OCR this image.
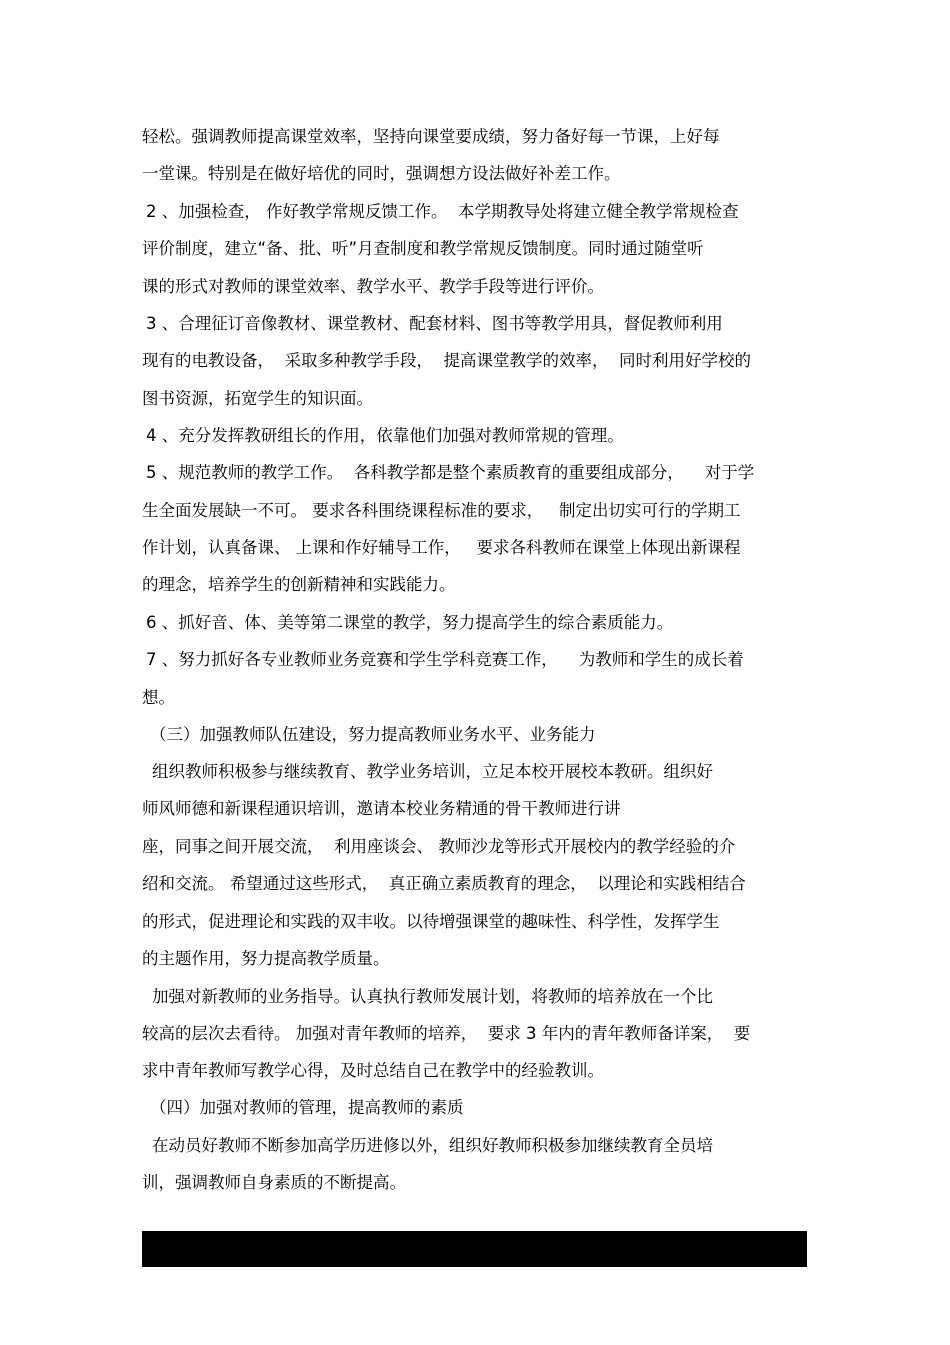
轻松。强调教师提高课堂效率，坚持向课堂要成绩，努力备好每一节课，上好每
一堂课。特别是在做好培优的同时，强调想方设法做好补差工作。
2 、加强检查， 作好教学常规反馈工作。  本学期教导处将建立健全教学常规检查
评价制度，建立“备、批、听”月查制度和教学常规反馈制度。同时通过随堂听
课的形式对教师的课堂效率、教学水平、教学手段等进行评价。
3 、合理征订音像教材、课堂教材、配套材料、图书等教学用具，督促教师利用
现有的电教设备，  采取多种教学手段，  提高课堂教学的效率，  同时利用好学校的
图书资源，拓宽学生的知识面。
4 、充分发挥教研组长的作用，依靠他们加强对教师常规的管理。
5 、规范教师的教学工作。  各科教学都是整个素质教育的重要组成部分，    对于学
生全面发展缺一不可。 要求各科围绕课程标准的要求，   制定出切实可行的学期工
作计划，认真备课、 上课和作好辅导工作，   要求各科教师在课堂上体现出新课程
的理念，培养学生的创新精神和实践能力。
6 、抓好音、体、美等第二课堂的教学，努力提高学生的综合素质能力。
7 、努力抓好各专业教师业务竞赛和学生学科竞赛工作，    为教师和学生的成长着
想。
（三）加强教师队伍建设，努力提高教师业务水平、业务能力
组织教师积极参与继续教育、教学业务培训，立足本校开展校本教研。组织好
师风师德和新课程通识培训，邀请本校业务精通的骨干教师进行讲
座，同事之间开展交流，  利用座谈会、 教师沙龙等形式开展校内的教学经验的介
绍和交流。 希望通过这些形式，  真正确立素质教育的理念，  以理论和实践相结合
的形式，促进理论和实践的双丰收。以待增强课堂的趣味性、科学性，发挥学生
的主题作用，努力提高教学质量。
加强对新教师的业务指导。认真执行教师发展计划，将教师的培养放在一个比
较高的层次去看待。 加强对青年教师的培养，  要求 3 年内的青年教师备详案，  要
求中青年教师写教学心得，及时总结自己在教学中的经验教训。
（四）加强对教师的管理，提高教师的素质
在动员好教师不断参加高学历进修以外，组织好教师积极参加继续教育全员培
训，强调教师自身素质的不断提高。
